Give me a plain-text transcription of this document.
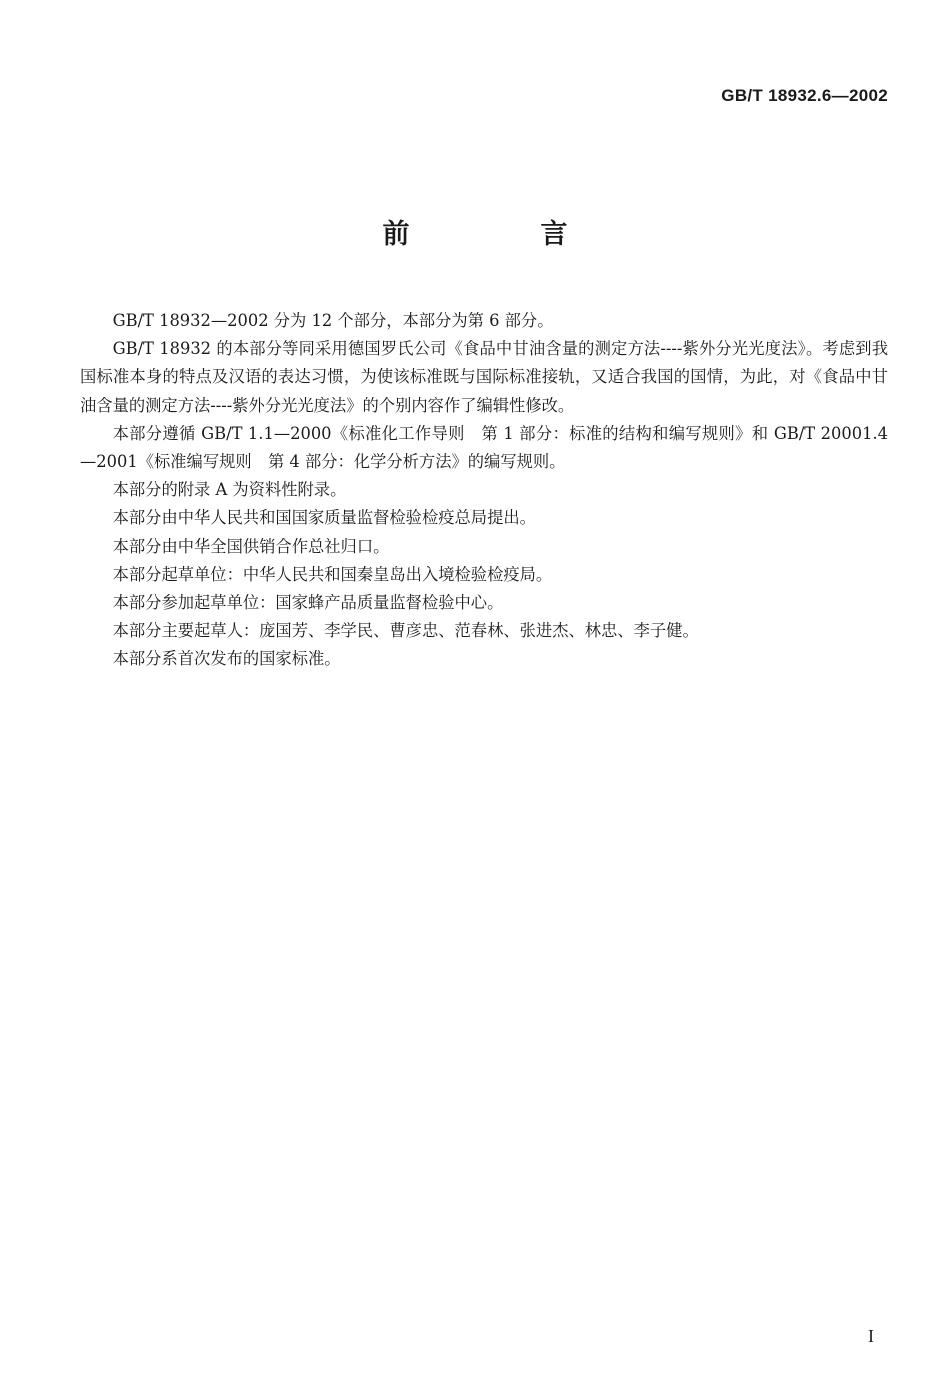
GB/T 18932.6—2002
前　言

GB/T 18932—2002 分为 12 个部分，本部分为第 6 部分。

GB/T 18932 的本部分等同采用德国罗氏公司《食品中甘油含量的测定方法----紫外分光光度法》。考虑到我国标准本身的特点及汉语的表达习惯，为使该标准既与国际标准接轨，又适合我国的国情，为此，对《食品中甘油含量的测定方法----紫外分光光度法》的个别内容作了编辑性修改。

本部分遵循 GB/T 1.1—2000《标准化工作导则　第 1 部分：标准的结构和编写规则》和 GB/T 20001.4—2001《标准编写规则　第 4 部分：化学分析方法》的编写规则。

本部分的附录 A 为资料性附录。

本部分由中华人民共和国国家质量监督检验检疫总局提出。

本部分由中华全国供销合作总社归口。

本部分起草单位：中华人民共和国秦皇岛出入境检验检疫局。

本部分参加起草单位：国家蜂产品质量监督检验中心。

本部分主要起草人：庞国芳、李学民、曹彦忠、范春林、张进杰、林忠、李子健。

本部分系首次发布的国家标准。

I
